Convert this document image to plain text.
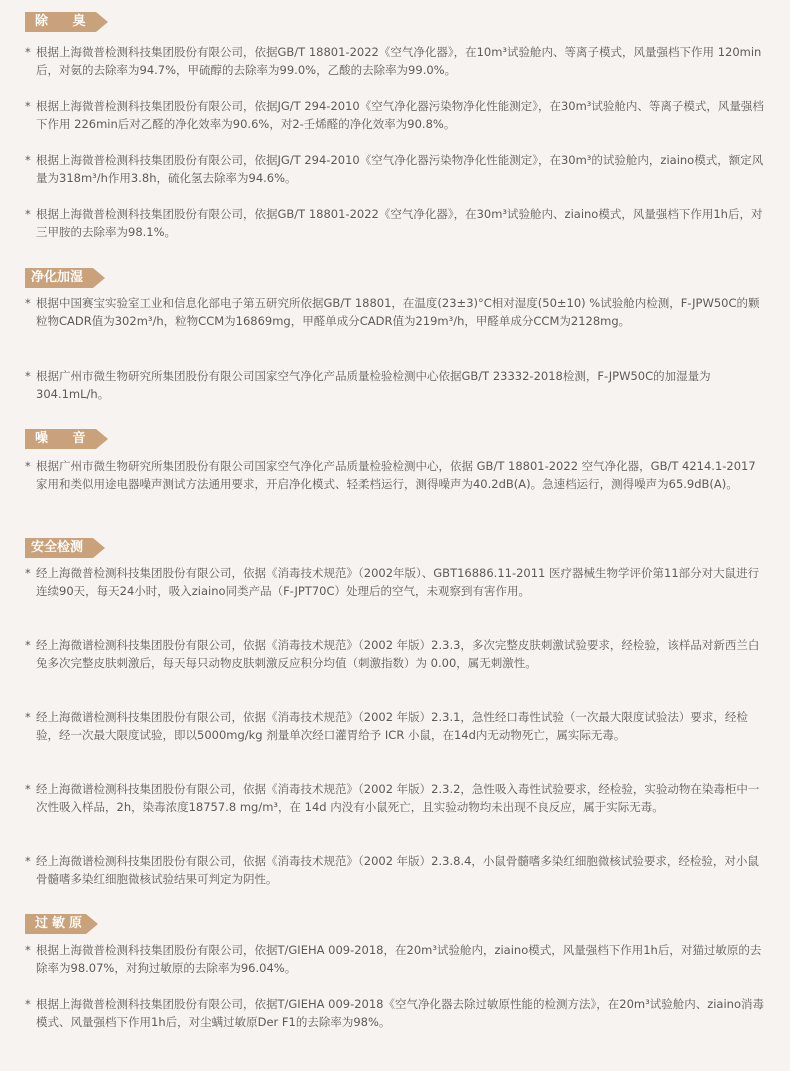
除 臭
* 根据上海微普检测科技集团股份有限公司，依据GB/T 18801-2022《空气净化器》，在10m³试验舱内、等离子模式，风量强档下作用 120min后，对氨的去除率为94.7%，甲硫醇的去除率为99.0%，乙酸的去除率为99.0%。
* 根据上海微普检测科技集团股份有限公司，依据JG/T 294-2010《空气净化器污染物净化性能测定》，在30m³试验舱内、等离子模式，风量强档下作用 226min后对乙醛的净化效率为90.6%，对2-壬烯醛的净化效率为90.8%。
* 根据上海微普检测科技集团股份有限公司，依据JG/T 294-2010《空气净化器污染物净化性能测定》，在30m³的试验舱内，ziaino模式，额定风量为318m³/h作用3.8h，硫化氢去除率为94.6%。
* 根据上海微普检测科技集团股份有限公司，依据GB/T 18801-2022《空气净化器》，在30m³试验舱内、ziaino模式，风量强档下作用1h后，对三甲胺的去除率为98.1%。
净化加湿
* 根据中国赛宝实验室工业和信息化部电子第五研究所依据GB/T 18801，在温度(23±3)°C相对湿度(50±10) %试验舱内检测，F-JPW50C的颗粒物CADR值为302m³/h，粒物CCM为16869mg，甲醛单成分CADR值为219m³/h，甲醛单成分CCM为2128mg。
* 根据广州市微生物研究所集团股份有限公司国家空气净化产品质量检验检测中心依据GB/T 23332-2018检测，F-JPW50C的加湿量为304.1mL/h。
噪 音
* 根据广州市微生物研究所集团股份有限公司国家空气净化产品质量检验检测中心，依据 GB/T 18801-2022 空气净化器，GB/T 4214.1-2017 家用和类似用途电器噪声测试方法通用要求，开启净化模式、轻柔档运行，测得噪声为40.2dB(A)。急速档运行，测得噪声为65.9dB(A)。
安全检测
* 经上海微普检测科技集团股份有限公司，依据《消毒技术规范》（2002年版）、GBT16886.11-2011 医疗器械生物学评价第11部分对大鼠进行连续90天，每天24小时，吸入ziaino同类产品（F-JPT70C）处理后的空气，未观察到有害作用。
* 经上海微谱检测科技集团股份有限公司，依据《消毒技术规范》（2002 年版）2.3.3，多次完整皮肤刺激试验要求，经检验，该样品对新西兰白兔多次完整皮肤刺激后，每天每只动物皮肤刺激反应积分均值（刺激指数）为 0.00，属无刺激性。
* 经上海微谱检测科技集团股份有限公司，依据《消毒技术规范》（2002 年版）2.3.1，急性经口毒性试验（一次最大限度试验法）要求，经检验，经一次最大限度试验，即以5000mg/kg 剂量单次经口灌胃给予 ICR 小鼠，在14d内无动物死亡，属实际无毒。
* 经上海微谱检测科技集团股份有限公司，依据《消毒技术规范》（2002 年版）2.3.2，急性吸入毒性试验要求，经检验，实验动物在染毒柜中一次性吸入样品，2h，染毒浓度18757.8 mg/m³，在 14d 内没有小鼠死亡，且实验动物均未出现不良反应，属于实际无毒。
* 经上海微谱检测科技集团股份有限公司，依据《消毒技术规范》（2002 年版）2.3.8.4，小鼠骨髓嗜多染红细胞微核试验要求，经检验，对小鼠骨髓嗜多染红细胞微核试验结果可判定为阴性。
过敏原
* 根据上海微普检测科技集团股份有限公司，依据T/GIEHA 009-2018，在20m³试验舱内，ziaino模式，风量强档下作用1h后，对猫过敏原的去除率为98.07%，对狗过敏原的去除率为96.04%。
* 根据上海微普检测科技集团股份有限公司，依据T/GIEHA 009-2018《空气净化器去除过敏原性能的检测方法》，在20m³试验舱内、ziaino消毒模式、风量强档下作用1h后，对尘螨过敏原Der F1的去除率为98%。
